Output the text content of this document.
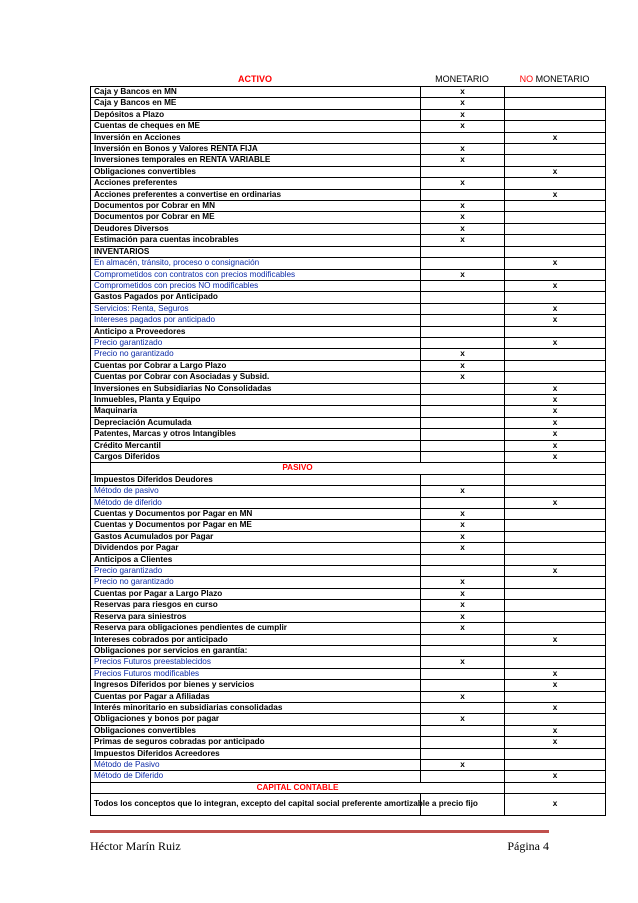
ACTIVO	MONETARIO	NO MONETARIO
Caja y Bancos en MN	x	
Caja y Bancos en ME	x	
Depósitos a Plazo	x	
Cuentas de cheques en ME	x	
Inversión en Acciones		x
Inversión en Bonos y Valores RENTA FIJA	x	
Inversiones temporales en RENTA VARIABLE	x	
Obligaciones convertibles		x
Acciones preferentes	x	
Acciones preferentes a convertise en ordinarias		x
Documentos por Cobrar en MN	x	
Documentos por Cobrar en ME	x	
Deudores Diversos	x	
Estimación para cuentas incobrables	x	
INVENTARIOS		
En almacén, tránsito, proceso o consignación		x
Comprometidos con contratos con precios modificables	x	
Comprometidos con precios NO modificables		x
Gastos Pagados por Anticipado		
Servicios: Renta, Seguros		x
Intereses pagados por anticipado		x
Anticipo a Proveedores		
Precio garantizado		x
Precio no garantizado	x	
Cuentas por Cobrar a Largo Plazo	x	
Cuentas por Cobrar con Asociadas y Subsid.	x	
Inversiones en Subsidiarias No Consolidadas		x
Inmuebles, Planta y Equipo		x
Maquinaria		x
Depreciación Acumulada		x
Patentes, Marcas y otros Intangibles		x
Crédito Mercantil		x
Cargos Diferidos		x
PASIVO		
Impuestos Diferidos Deudores		
Método de pasivo	x	
Método de diferido		x
Cuentas y Documentos por Pagar en MN	x	
Cuentas y Documentos por Pagar en ME	x	
Gastos Acumulados por Pagar	x	
Dividendos por Pagar	x	
Anticipos a Clientes		
Precio garantizado		x
Precio no garantizado	x	
Cuentas por Pagar a Largo Plazo	x	
Reservas para riesgos en curso	x	
Reserva para siniestros	x	
Reserva para obligaciones pendientes de cumplir	x	
Intereses cobrados por anticipado		x
Obligaciones por servicios en garantía:		
Precios Futuros preestablecidos	x	
Precios Futuros modificables		x
Ingresos Diferidos por bienes y servicios		x
Cuentas por Pagar a Afiliadas	x	
Interés minoritario en subsidiarias consolidadas		x
Obligaciones y bonos por pagar	x	
Obligaciones convertibles		x
Primas de seguros cobradas por anticipado		x
Impuestos Diferidos Acreedores		
Método de Pasivo	x	
Método de Diferido		x
CAPITAL CONTABLE		
Todos los conceptos que lo integran, excepto del capital social preferente amortizable a precio fijo		x
Héctor Marín Ruiz	Página 4
